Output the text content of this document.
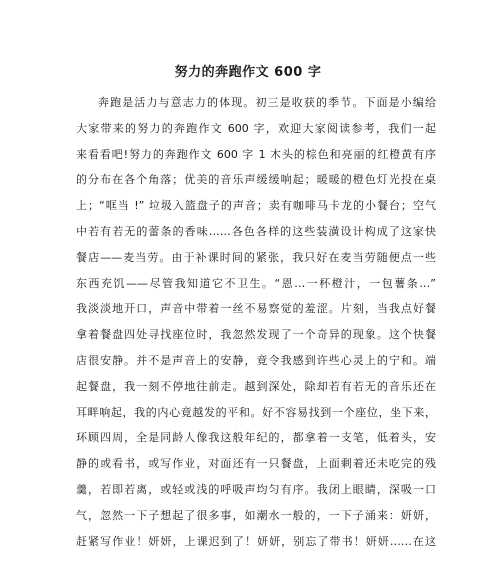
努力的奔跑作文 600 字
奔跑是活力与意志力的体现。初三是收获的季节。下面是小编给
大家带来的努力的奔跑作文 600 字，欢迎大家阅读参考，我们一起
来看看吧!努力的奔跑作文 600 字 1 木头的棕色和亮丽的红橙黄有序
的分布在各个角落；优美的音乐声缓缓响起；暖暖的橙色灯光投在桌
上；“哐当 !” 垃圾入篮盘子的声音；卖有咖啡马卡龙的小餐台；空气
中若有若无的蕾条的香味……各色各样的这些装潢设计构成了这家快
餐店——麦当劳。由于补课时间的紧张，我只好在麦当劳随便点一些
东西充饥——尽管我知道它不卫生。“恩…一杯橙汁，一包薯条…”
我淡淡地开口，声音中带着一丝不易察觉的羞涩。片刻，当我点好餐
拿着餐盘四处寻找座位时，我忽然发现了一个奇异的现象。这个快餐
店很安静。并不是声音上的安静，竟令我感到许些心灵上的宁和。端
起餐盘，我一刻不停地往前走。越到深处，除却若有若无的音乐还在
耳畔响起，我的内心竟越发的平和。好不容易找到一个座位，坐下来，
环顾四周，全是同龄人像我这般年纪的，都拿着一支笔，低着头，安
静的或看书，或写作业，对面还有一只餐盘，上面剩着还未吃完的残
羹，若即若离，或轻或浅的呼吸声均匀有序。我闭上眼睛，深吸一口
气，忽然一下子想起了很多事，如潮水一般的，一下子涌来：妍妍，
赶紧写作业！妍妍，上课迟到了！妍妍，别忘了带书！妍妍……在这
